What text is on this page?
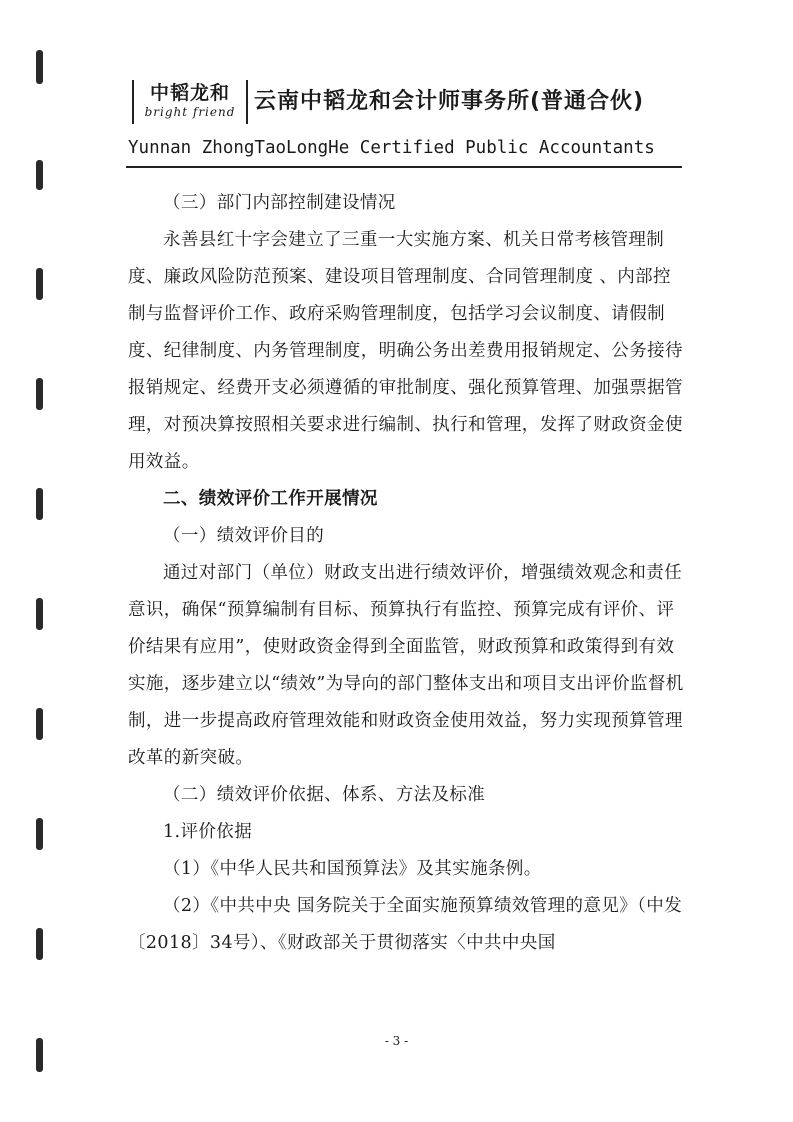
中韬龙和
bright friend 云南中韬龙和会计师事务所(普通合伙)
Yunnan ZhongTaoLongHe Certified Public Accountants

（三）部门内部控制建设情况

永善县红十字会建立了三重一大实施方案、机关日常考核管理制度、廉政风险防范预案、建设项目管理制度、合同管理制度 、内部控制与监督评价工作、政府采购管理制度，包括学习会议制度、请假制度、纪律制度、内务管理制度，明确公务出差费用报销规定、公务接待报销规定、经费开支必须遵循的审批制度、强化预算管理、加强票据管理，对预决算按照相关要求进行编制、执行和管理，发挥了财政资金使用效益。

二、绩效评价工作开展情况

（一）绩效评价目的

通过对部门（单位）财政支出进行绩效评价，增强绩效观念和责任意识，确保“预算编制有目标、预算执行有监控、预算完成有评价、评价结果有应用”，使财政资金得到全面监管，财政预算和政策得到有效实施，逐步建立以“绩效”为导向的部门整体支出和项目支出评价监督机制，进一步提高政府管理效能和财政资金使用效益，努力实现预算管理改革的新突破。

（二）绩效评价依据、体系、方法及标准

1.评价依据

（1）《中华人民共和国预算法》及其实施条例。

（2）《中共中央 国务院关于全面实施预算绩效管理的意见》（中发〔2018〕34号）、《财政部关于贯彻落实〈中共中央国

- 3 -
